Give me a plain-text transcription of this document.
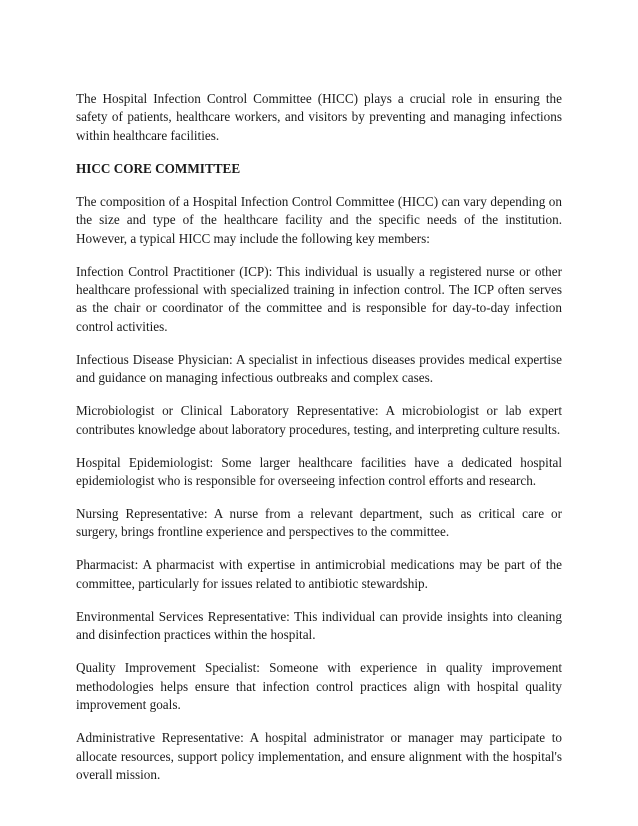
The Hospital Infection Control Committee (HICC) plays a crucial role in ensuring the safety of patients, healthcare workers, and visitors by preventing and managing infections within healthcare facilities.

HICC CORE COMMITTEE

The composition of a Hospital Infection Control Committee (HICC) can vary depending on the size and type of the healthcare facility and the specific needs of the institution. However, a typical HICC may include the following key members:

Infection Control Practitioner (ICP): This individual is usually a registered nurse or other healthcare professional with specialized training in infection control. The ICP often serves as the chair or coordinator of the committee and is responsible for day-to-day infection control activities.

Infectious Disease Physician: A specialist in infectious diseases provides medical expertise and guidance on managing infectious outbreaks and complex cases.

Microbiologist or Clinical Laboratory Representative: A microbiologist or lab expert contributes knowledge about laboratory procedures, testing, and interpreting culture results.

Hospital Epidemiologist: Some larger healthcare facilities have a dedicated hospital epidemiologist who is responsible for overseeing infection control efforts and research.

Nursing Representative: A nurse from a relevant department, such as critical care or surgery, brings frontline experience and perspectives to the committee.

Pharmacist: A pharmacist with expertise in antimicrobial medications may be part of the committee, particularly for issues related to antibiotic stewardship.

Environmental Services Representative: This individual can provide insights into cleaning and disinfection practices within the hospital.

Quality Improvement Specialist: Someone with experience in quality improvement methodologies helps ensure that infection control practices align with hospital quality improvement goals.

Administrative Representative: A hospital administrator or manager may participate to allocate resources, support policy implementation, and ensure alignment with the hospital's overall mission.
